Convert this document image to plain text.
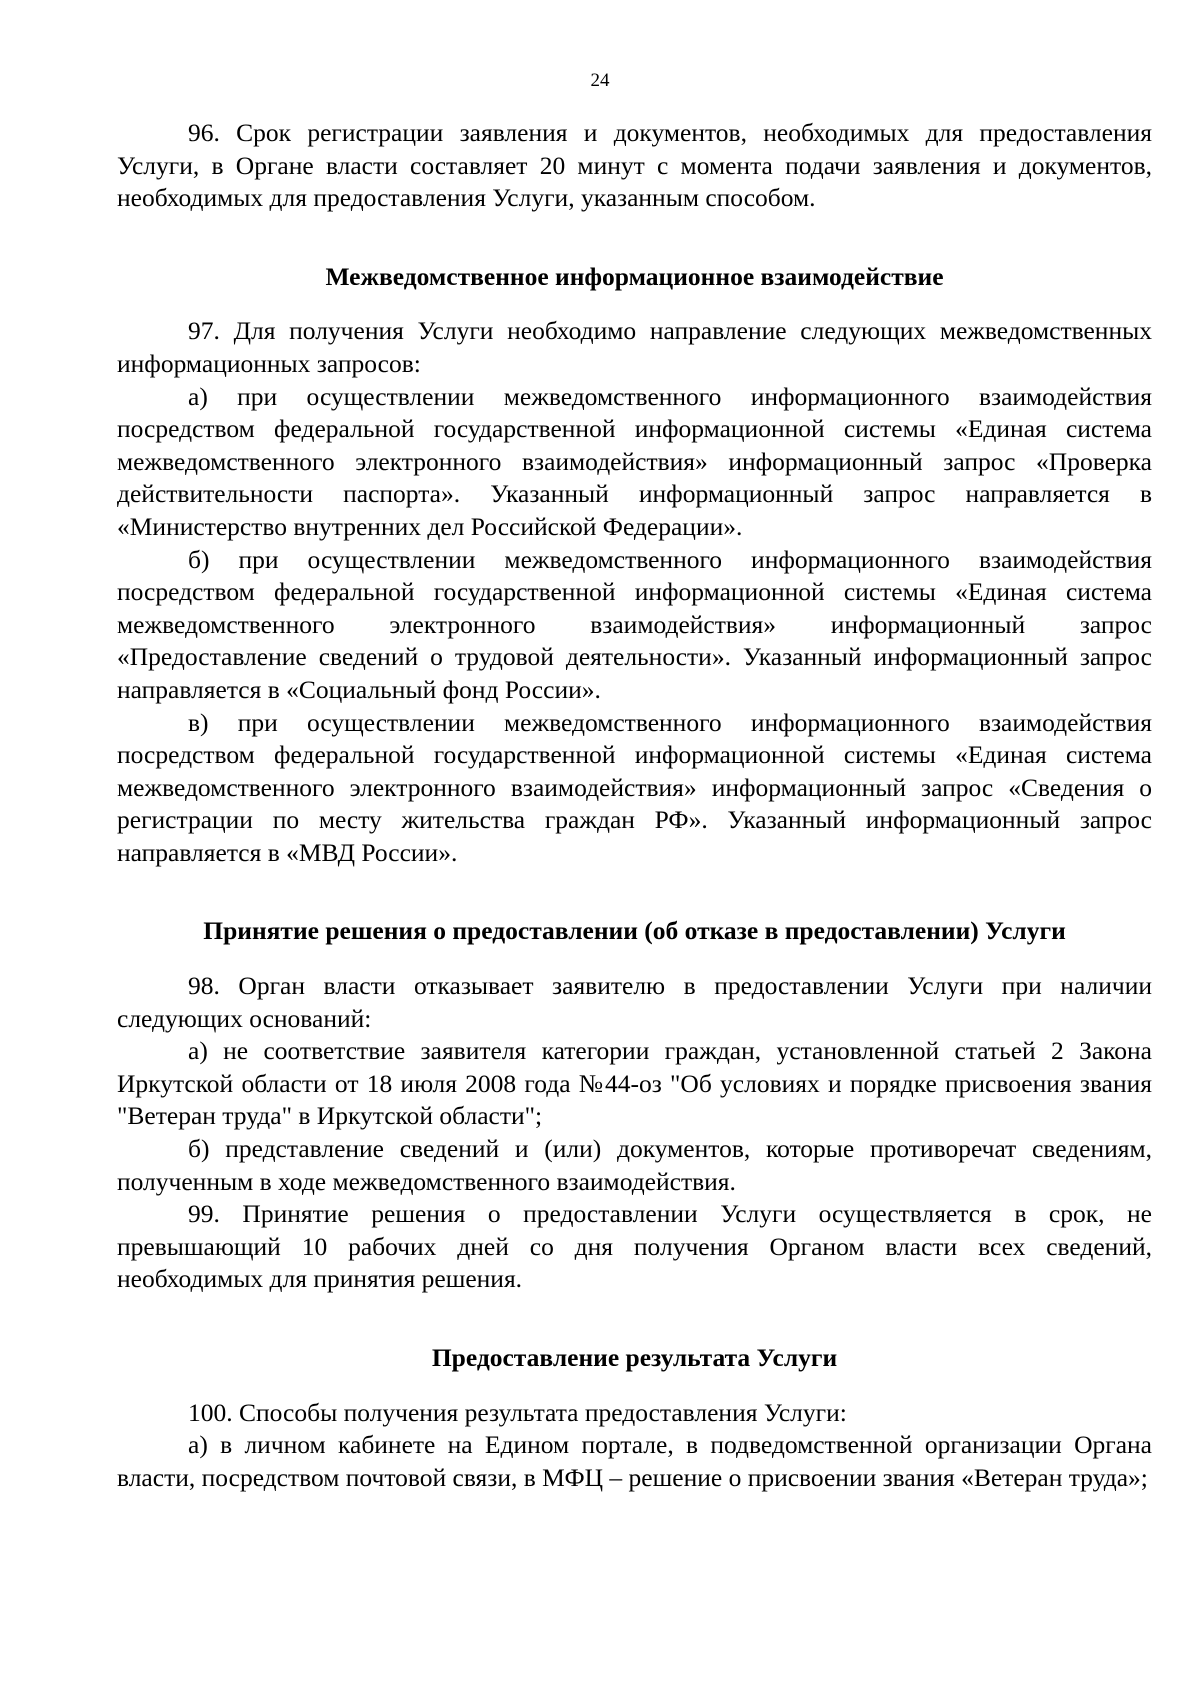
24

96. Срок регистрации заявления и документов, необходимых для предоставления Услуги, в Органе власти составляет 20 минут с момента подачи заявления и документов, необходимых для предоставления Услуги, указанным способом.

Межведомственное информационное взаимодействие

97. Для получения Услуги необходимо направление следующих межведомственных информационных запросов:

а) при осуществлении межведомственного информационного взаимодействия посредством федеральной государственной информационной системы «Единая система межведомственного электронного взаимодействия» информационный запрос «Проверка действительности паспорта». Указанный информационный запрос направляется в «Министерство внутренних дел Российской Федерации».

б) при осуществлении межведомственного информационного взаимодействия посредством федеральной государственной информационной системы «Единая система межведомственного электронного взаимодействия» информационный запрос «Предоставление сведений о трудовой деятельности». Указанный информационный запрос направляется в «Социальный фонд России».

в) при осуществлении межведомственного информационного взаимодействия посредством федеральной государственной информационной системы «Единая система межведомственного электронного взаимодействия» информационный запрос «Сведения о регистрации по месту жительства граждан РФ». Указанный информационный запрос направляется в «МВД России».

Принятие решения о предоставлении (об отказе в предоставлении) Услуги

98. Орган власти отказывает заявителю в предоставлении Услуги при наличии следующих оснований:

а) не соответствие заявителя категории граждан, установленной статьей 2 Закона Иркутской области от 18 июля 2008 года №44-оз "Об условиях и порядке присвоения звания "Ветеран труда" в Иркутской области";

б) представление сведений и (или) документов, которые противоречат сведениям, полученным в ходе межведомственного взаимодействия.

99. Принятие решения о предоставлении Услуги осуществляется в срок, не превышающий 10 рабочих дней со дня получения Органом власти всех сведений, необходимых для принятия решения.

Предоставление результата Услуги

100. Способы получения результата предоставления Услуги:

а) в личном кабинете на Едином портале, в подведомственной организации Органа власти, посредством почтовой связи, в МФЦ – решение о присвоении звания «Ветеран труда»;
